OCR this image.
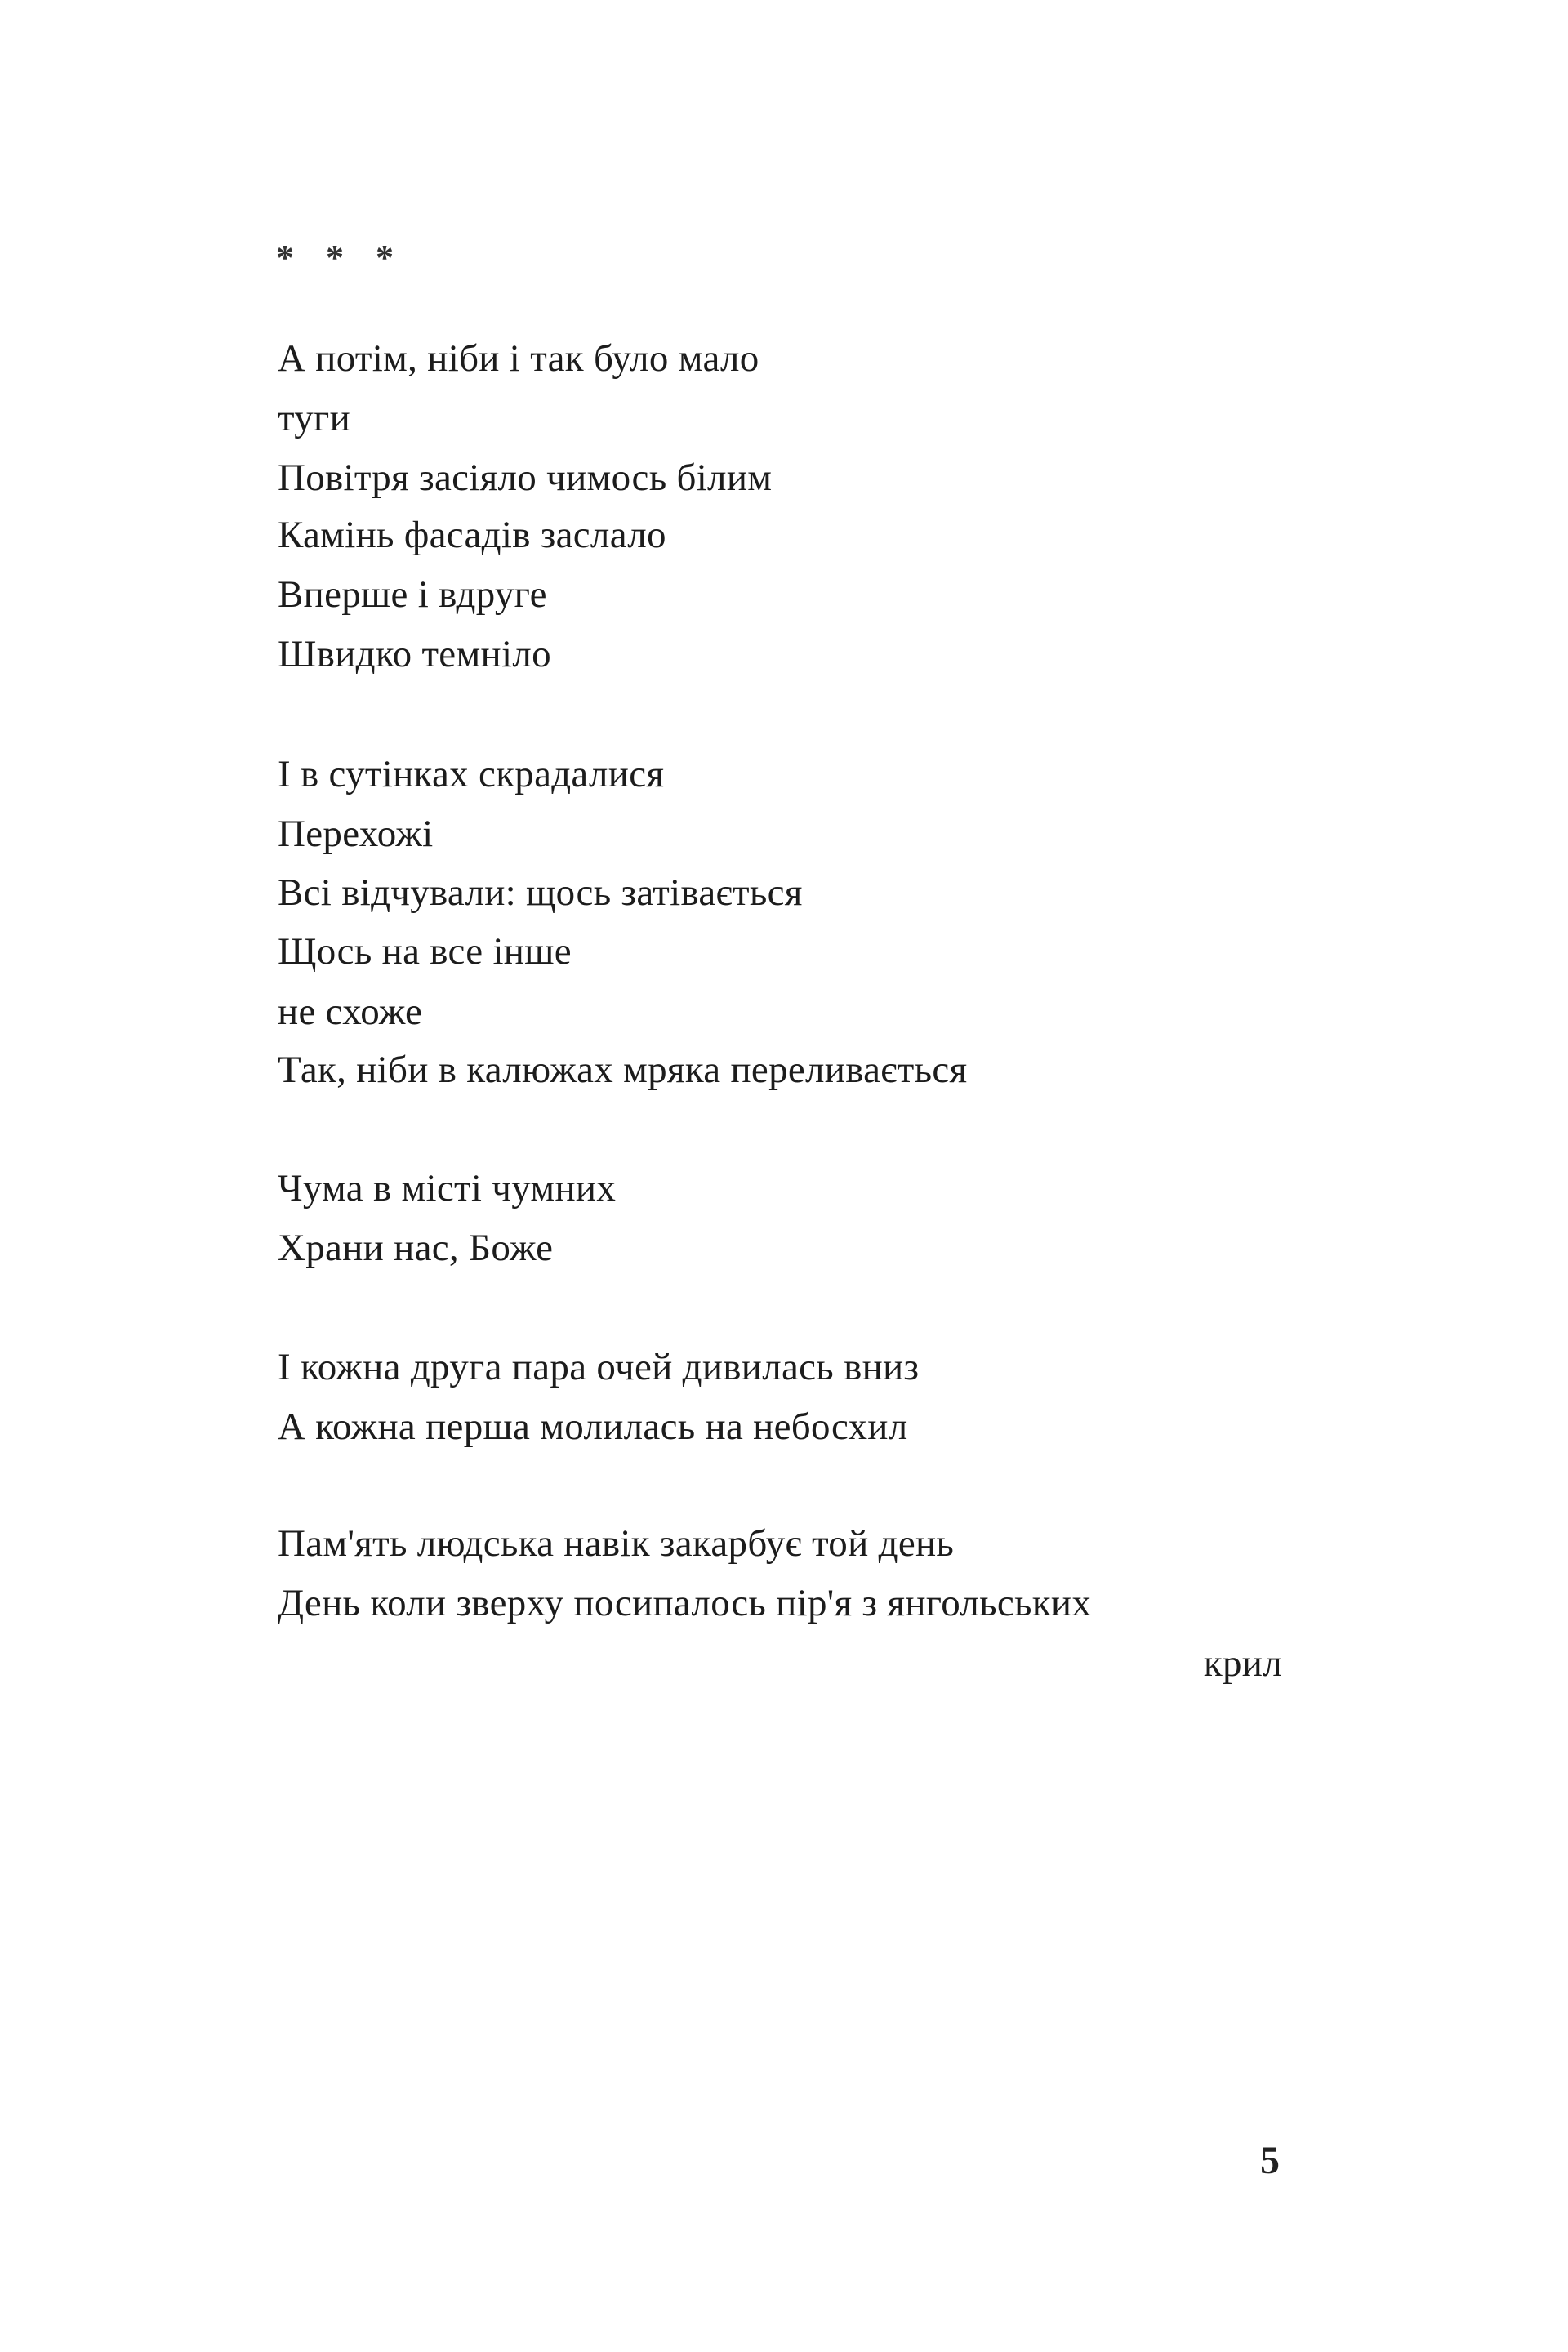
* * *
А потім, ніби і так було мало
туги
Повітря засіяло чимось білим
Камінь фасадів заслало
Вперше і вдруге
Швидко темніло
І в сутінках скрадалися
Перехожі
Всі відчували: щось затівається
Щось на все інше
не схоже
Так, ніби в калюжах мряка переливається
Чума в місті чумних
Храни нас, Боже
І кожна друга пара очей дивилась вниз
А кожна перша молилась на небосхил
Пам'ять людська навік закарбує той день
День коли зверху посипалось пір'я з янгольських
крил
5
